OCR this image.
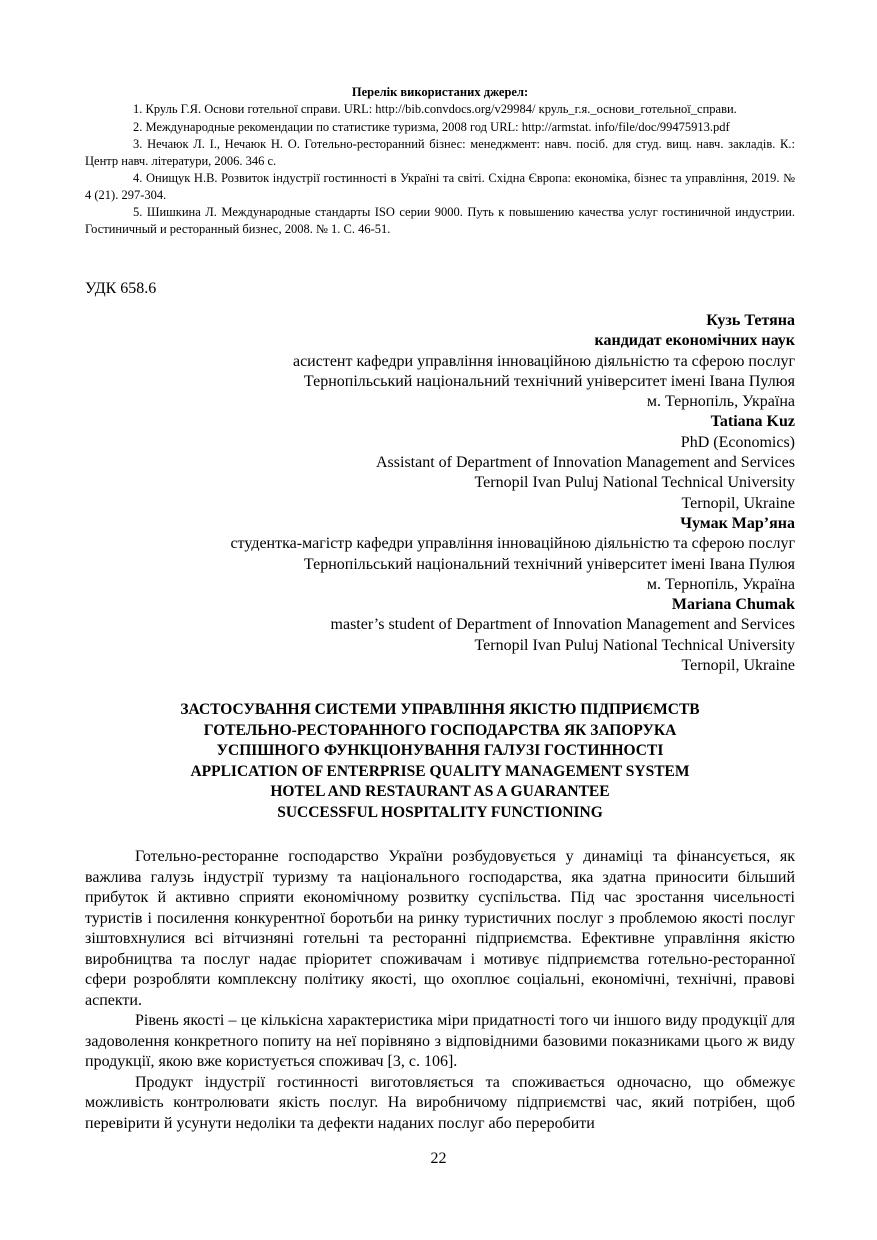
Перелік використаних джерел:

1. Круль Г.Я. Основи готельної справи. URL: http://bib.convdocs.org/v29984/ круль_г.я._основи_готельної_справи.

2. Международные рекомендации по статистике туризма, 2008 год URL: http://armstat. info/file/doc/99475913.pdf

3. Нечаюк Л. І., Нечаюк Н. О. Готельно-ресторанний бізнес: менеджмент: навч. посіб. для студ. вищ. навч. закладів. К.: Центр навч. літератури, 2006. 346 с.

4. Онищук Н.В. Розвиток індустрії гостинності в Україні та світі. Східна Європа: економіка, бізнес та управління, 2019. № 4 (21). 297-304.

5. Шишкина Л. Международные стандарты ISO серии 9000. Путь к повышению качества услуг гостиничной индустрии. Гостиничный и ресторанный бизнес, 2008. № 1. С. 46-51.

УДК 658.6

Кузь Тетяна
кандидат економічних наук
асистент кафедри управління інноваційною діяльністю та сферою послуг
Тернопільський національний технічний університет імені Івана Пулюя
м. Тернопіль, Україна
Tatiana Kuz
PhD (Economics)
Assistant of Department of Innovation Management and Services
Ternopil Ivan Puluj National Technical University
Ternopil, Ukraine
Чумак Мар’яна
студентка-магістр кафедри управління інноваційною діяльністю та сферою послуг
Тернопільський національний технічний університет імені Івана Пулюя
м. Тернопіль, Україна
Mariana Chumak
master’s student of Department of Innovation Management and Services
Ternopil Ivan Puluj National Technical University
Ternopil, Ukraine
ЗАСТОСУВАННЯ СИСТЕМИ УПРАВЛІННЯ ЯКІСТЮ ПІДПРИЄМСТВ
ГОТЕЛЬНО-РЕСТОРАННОГО ГОСПОДАРСТВА ЯК ЗАПОРУКА
УСПІШНОГО ФУНКЦІОНУВАННЯ ГАЛУЗІ ГОСТИННОСТІ
APPLICATION OF ENTERPRISE QUALITY MANAGEMENT SYSTEM
HOTEL AND RESTAURANT AS A GUARANTEE
SUCCESSFUL HOSPITALITY FUNCTIONING

Готельно-ресторанне господарство України розбудовується у динаміці та фінансується, як важлива галузь індустрії туризму та національного господарства, яка здатна приносити більший прибуток й активно сприяти економічному розвитку суспільства. Під час зростання чисельності туристів і посилення конкурентної боротьби на ринку туристичних послуг з проблемою якості послуг зіштовхнулися всі вітчизняні готельні та ресторанні підприємства. Ефективне управління якістю виробництва та послуг надає пріоритет споживачам і мотивує підприємства готельно-ресторанної сфери розробляти комплексну політику якості, що охоплює соціальні, економічні, технічні, правові аспекти.

Рівень якості – це кількісна характеристика міри придатності того чи іншого виду продукції для задоволення конкретного попиту на неї порівняно з відповідними базовими показниками цього ж виду продукції, якою вже користується споживач [3, с. 106].

Продукт індустрії гостинності виготовляється та споживається одночасно, що обмежує можливість контролювати якість послуг. На виробничому підприємстві час, який потрібен, щоб перевірити й усунути недоліки та дефекти наданих послуг або переробити

22
